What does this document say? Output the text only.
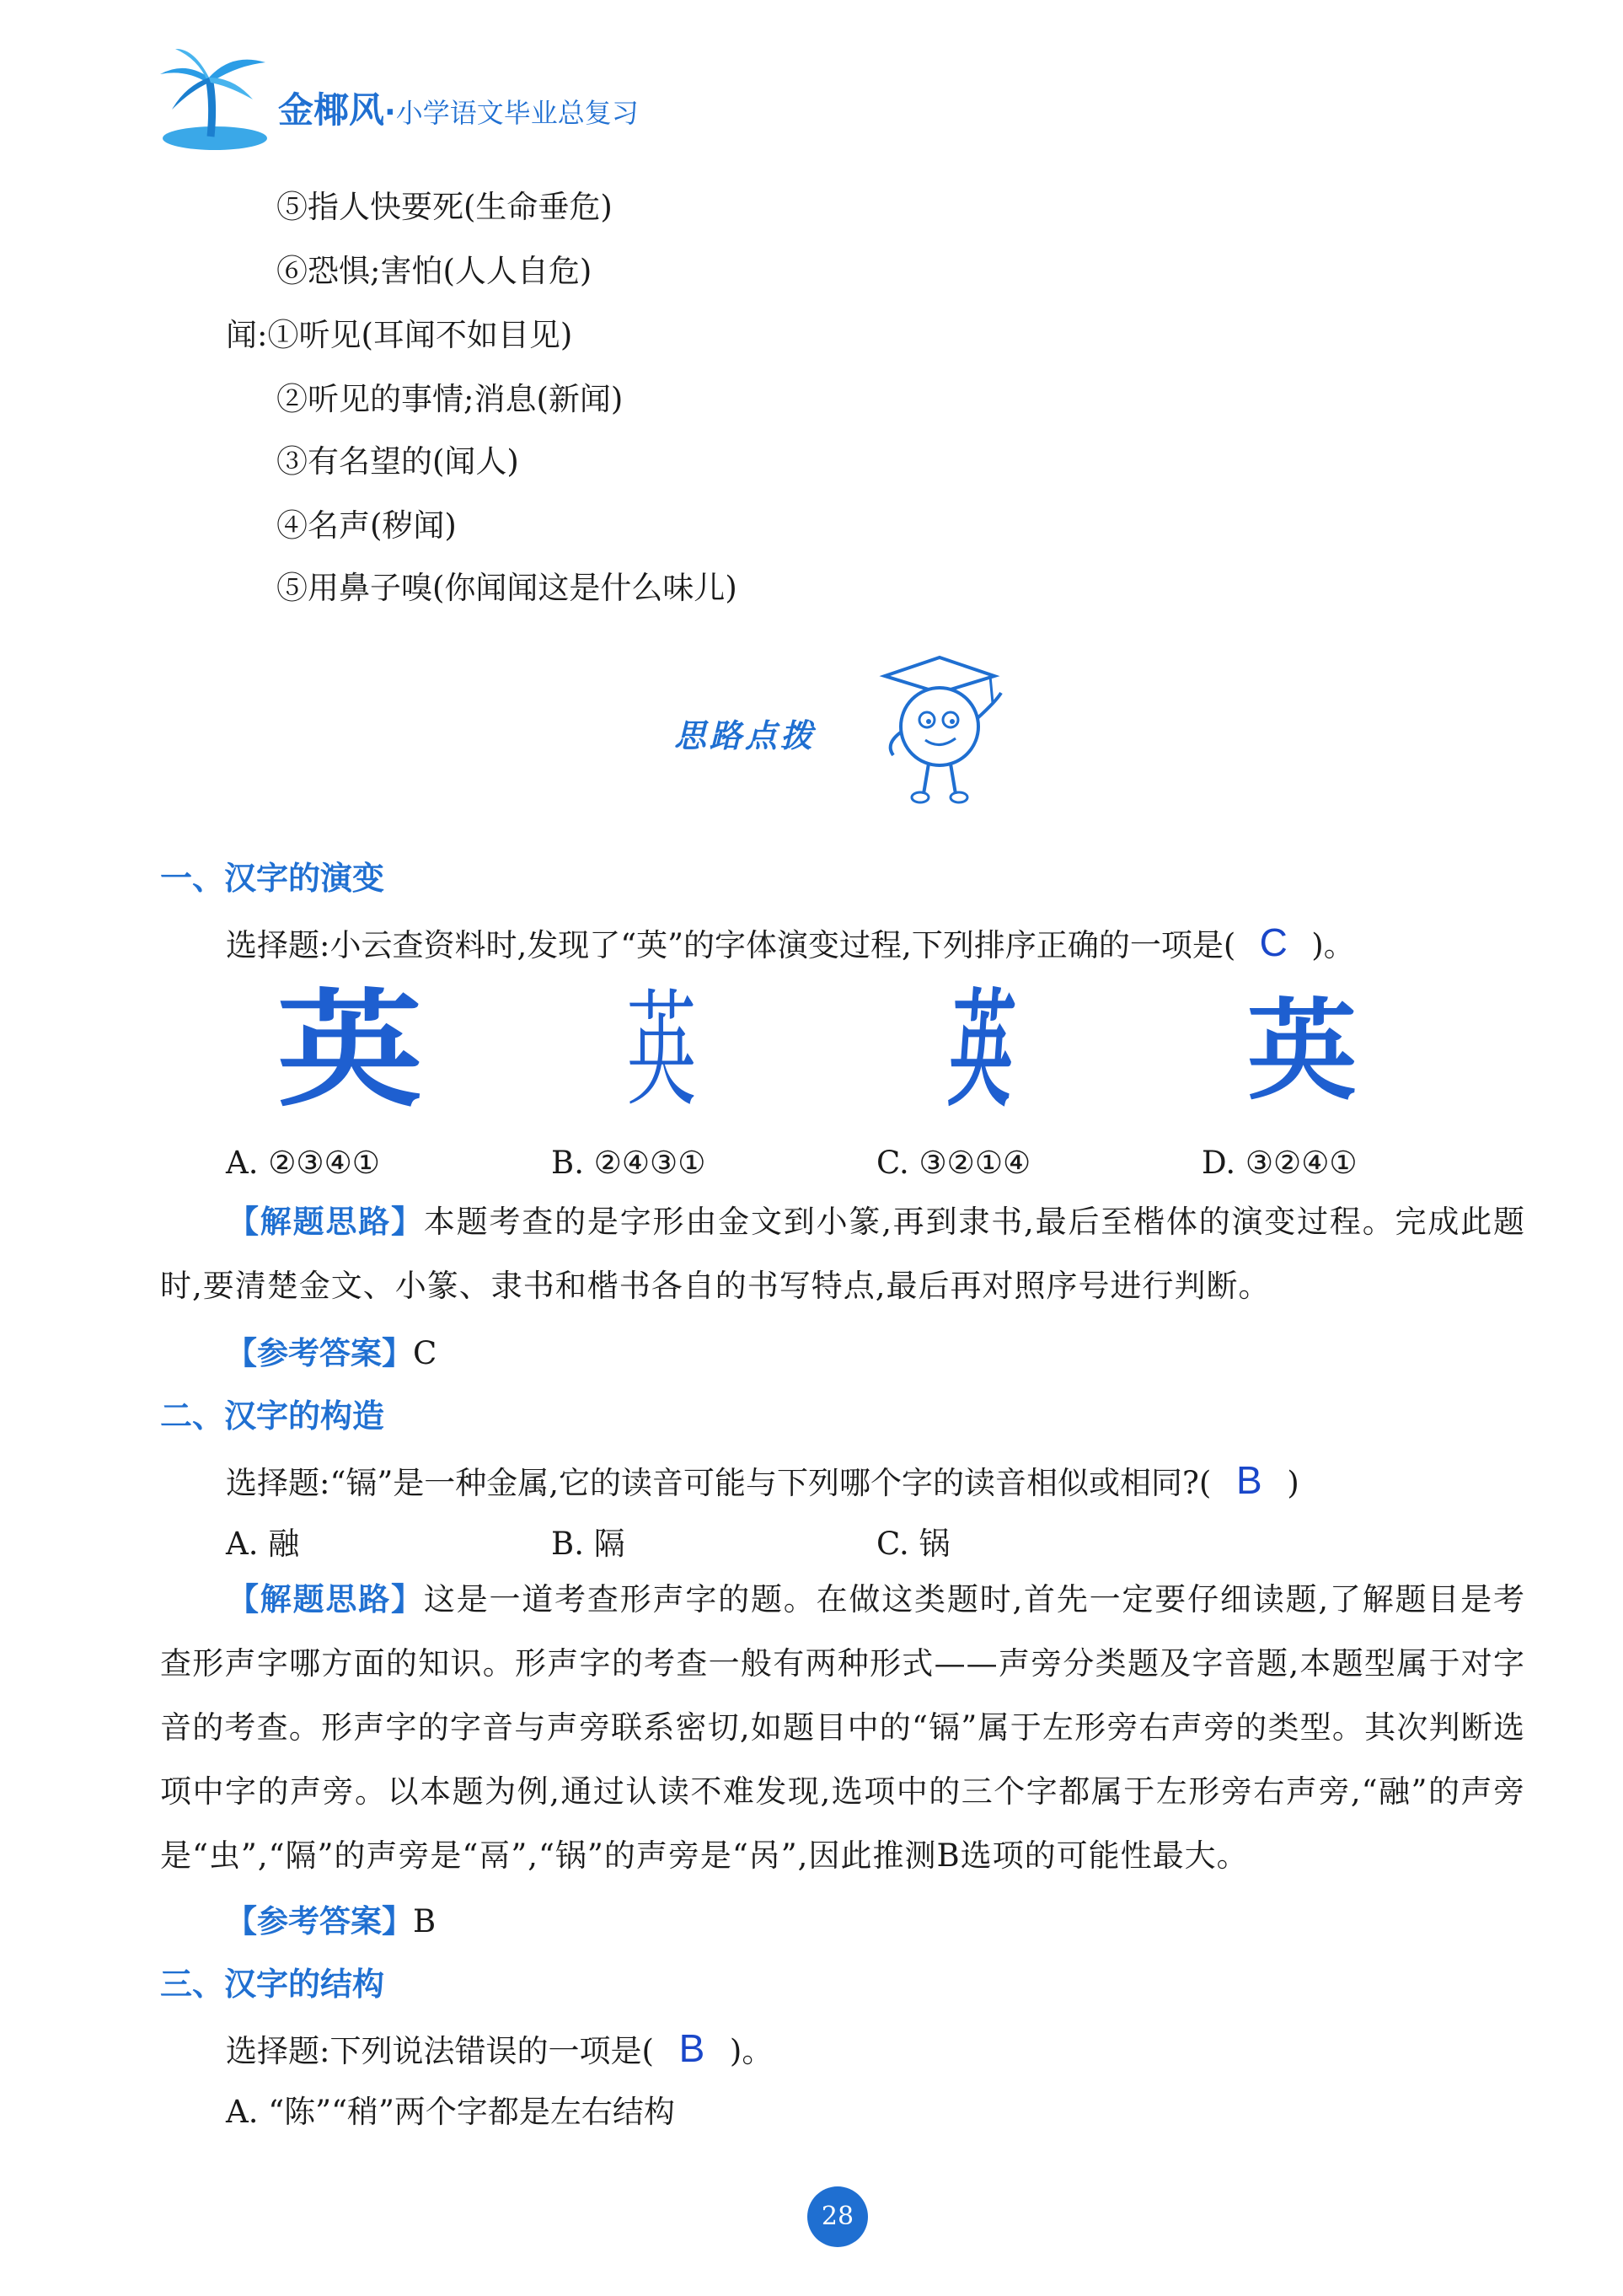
金椰风·小学语文毕业总复习
⑤指人快要死(生命垂危)
⑥恐惧;害怕(人人自危)
闻:①听见(耳闻不如目见)
②听见的事情;消息(新闻)
③有名望的(闻人)
④名声(秽闻)
⑤用鼻子嗅(你闻闻这是什么味儿)
思路点拨
一、汉字的演变
选择题:小云查资料时,发现了“英”的字体演变过程,下列排序正确的一项是( C )。
英 英 英 英
A. ②③④①	B. ②④③①	C. ③②①④	D. ③②④①
【解题思路】本题考查的是字形由金文到小篆,再到隶书,最后至楷体的演变过程。完成此题时,要清楚金文、小篆、隶书和楷书各自的书写特点,最后再对照序号进行判断。
【参考答案】C
二、汉字的构造
选择题:“镉”是一种金属,它的读音可能与下列哪个字的读音相似或相同?( B )
A. 融	B. 隔	C. 锅
【解题思路】这是一道考查形声字的题。在做这类题时,首先一定要仔细读题,了解题目是考查形声字哪方面的知识。形声字的考查一般有两种形式——声旁分类题及字音题,本题型属于对字音的考查。形声字的字音与声旁联系密切,如题目中的“镉”属于左形旁右声旁的类型。其次判断选项中字的声旁。以本题为例,通过认读不难发现,选项中的三个字都属于左形旁右声旁,“融”的声旁是“虫”,“隔”的声旁是“鬲”,“锅”的声旁是“呙”,因此推测B选项的可能性最大。
【参考答案】B
三、汉字的结构
选择题:下列说法错误的一项是( B )。
A. “陈”“稍”两个字都是左右结构
28
